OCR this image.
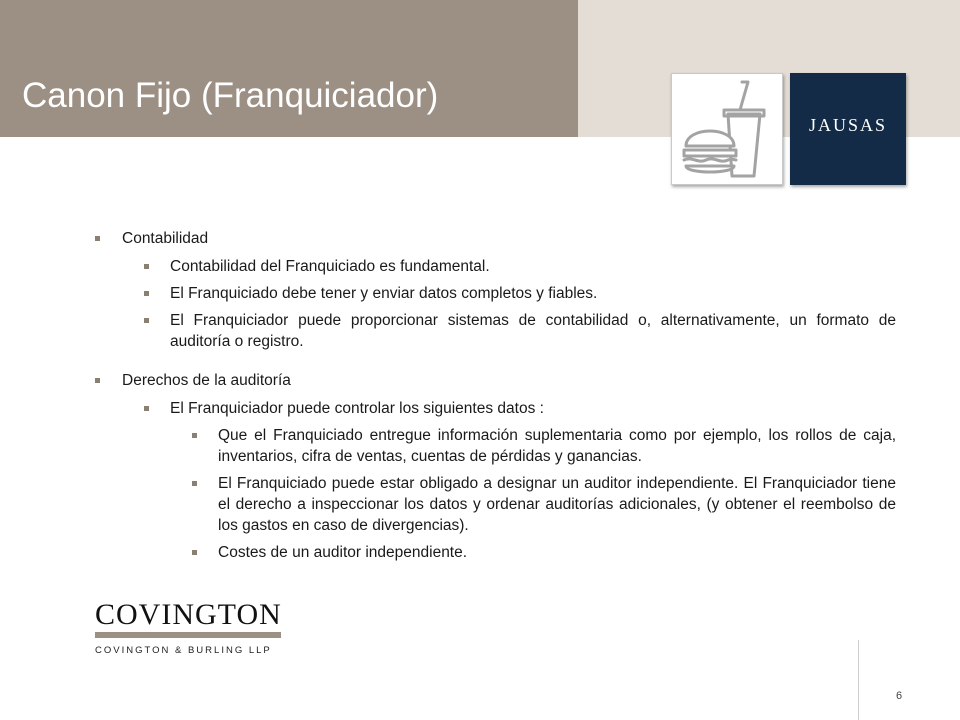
Canon Fijo (Franquiciador)
JAUSAS
Contabilidad
Contabilidad del Franquiciado es fundamental.
El Franquiciado debe tener y enviar datos completos y fiables.
El Franquiciador puede proporcionar sistemas de contabilidad o, alternativamente, un formato de auditoría o registro.
Derechos de la auditoría
El Franquiciador puede controlar los siguientes datos :
Que el Franquiciado entregue información suplementaria como por ejemplo, los rollos de caja, inventarios, cifra de ventas, cuentas de pérdidas y ganancias.
El Franquiciado puede estar obligado a designar un auditor independiente. El Franquiciador tiene el derecho a inspeccionar los datos y ordenar auditorías adicionales, (y obtener el reembolso de los gastos en caso de divergencias).
Costes de un auditor independiente.
COVINGTON
COVINGTON & BURLING LLP
6
